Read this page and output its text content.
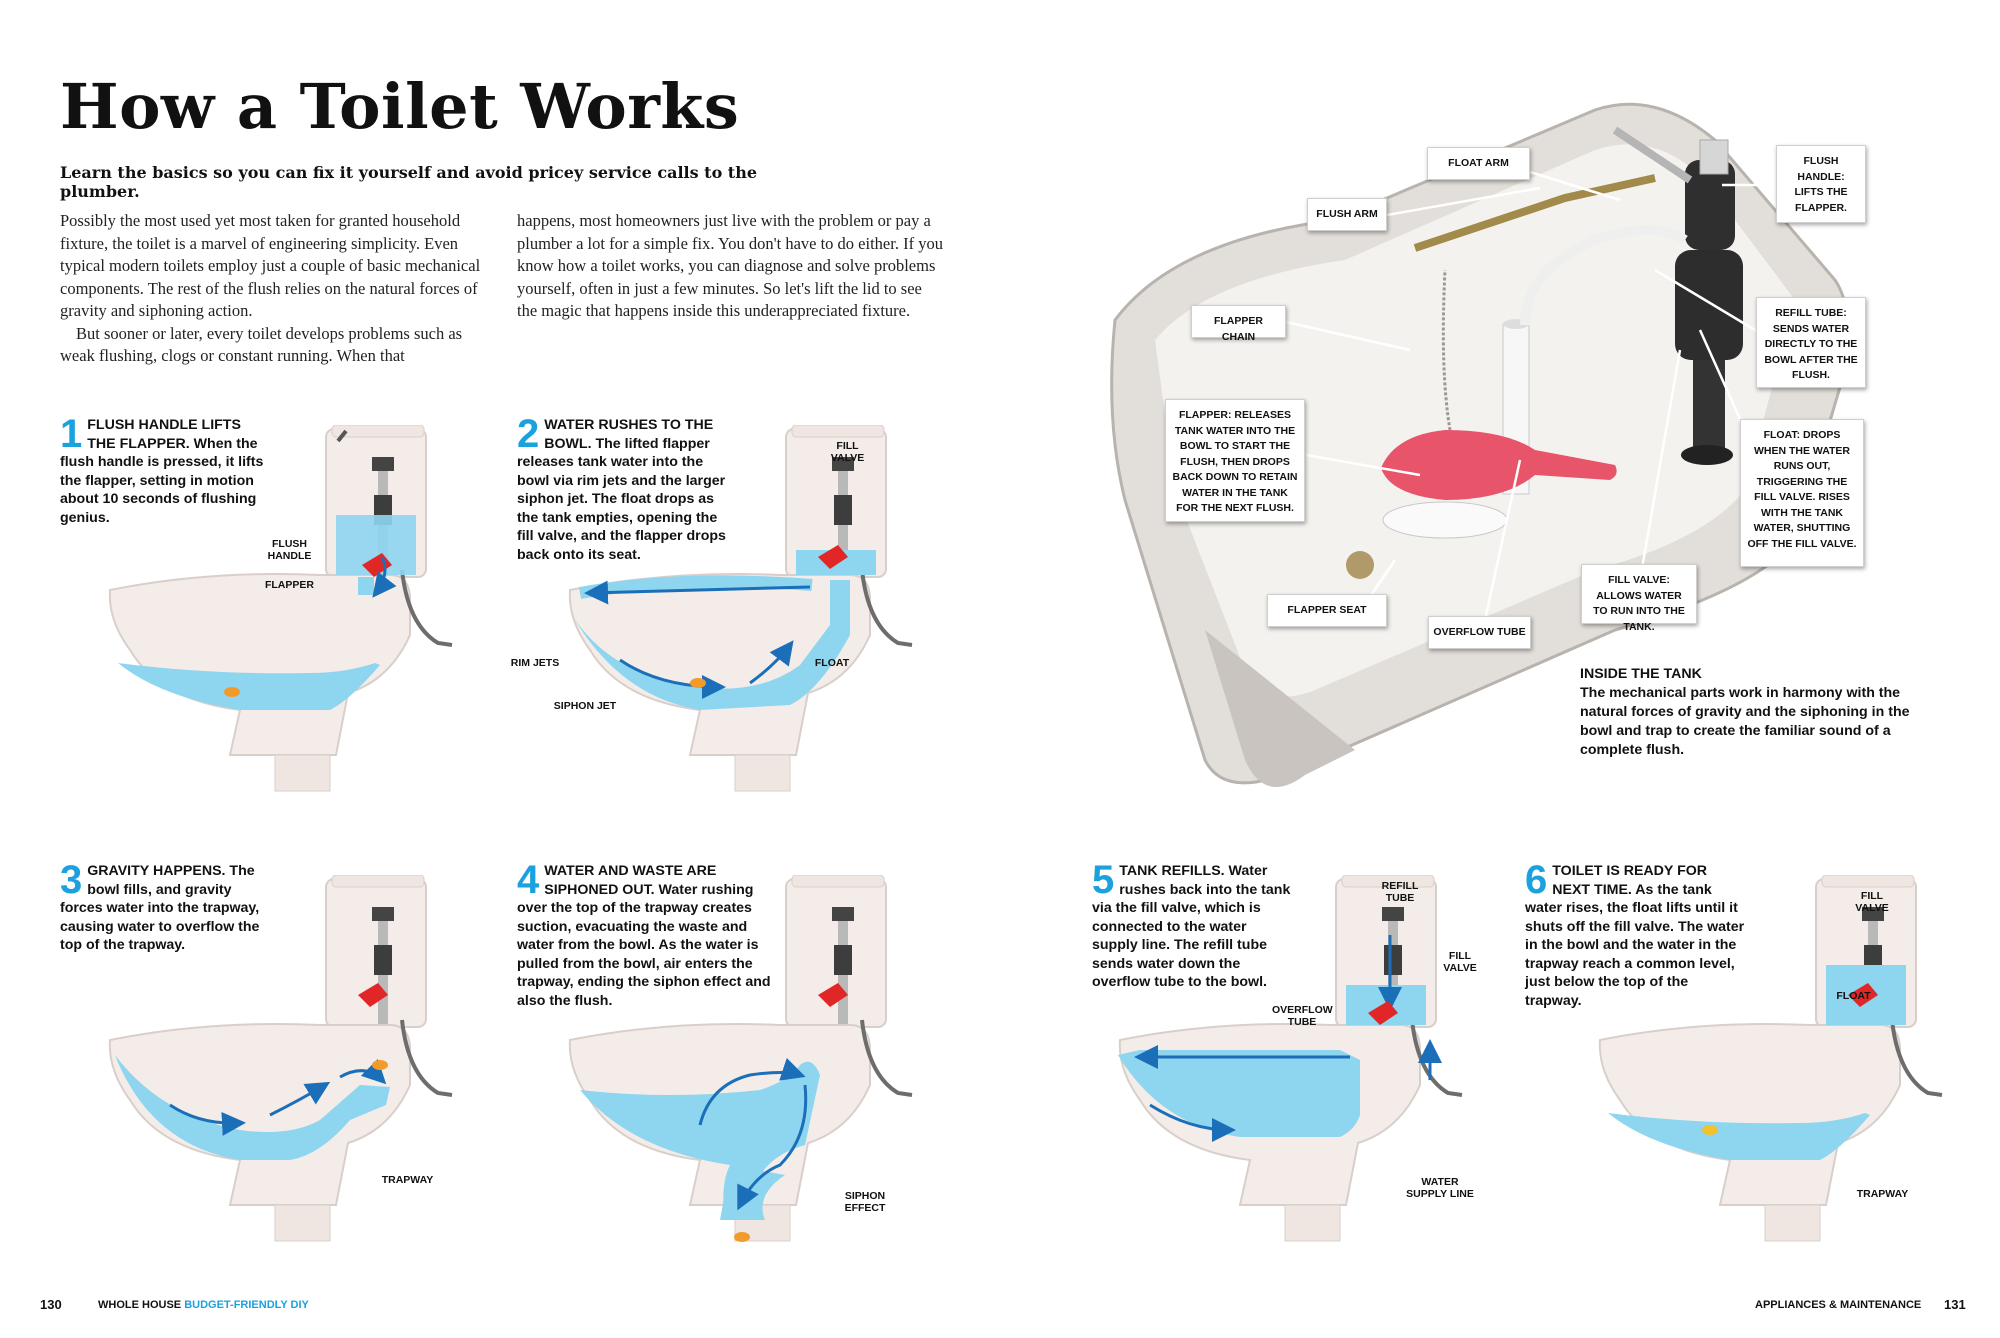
How a Toilet Works
Learn the basics so you can fix it yourself and avoid pricey service calls to the plumber.

Possibly the most used yet most taken for granted household fixture, the toilet is a marvel of engineering simplicity. Even typical modern toilets employ just a couple of basic mechanical components. The rest of the flush relies on the natural forces of gravity and siphoning action.

But sooner or later, every toilet develops problems such as weak flushing, clogs or constant running. When that

happens, most homeowners just live with the problem or pay a plumber a lot for a simple fix. You don't have to do either. If you know how a toilet works, you can diagnose and solve problems yourself, often in just a few minutes. So let's lift the lid to see the magic that happens inside this underappreciated fixture.

1 FLUSH HANDLE LIFTS THE FLAPPER. When the flush handle is pressed, it lifts the flapper, setting in motion about 10 seconds of flushing genius.
2 WATER RUSHES TO THE BOWL. The lifted flapper releases tank water into the bowl via rim jets and the larger siphon jet. The float drops as the tank empties, opening the fill valve, and the flapper drops back onto its seat.
3 GRAVITY HAPPENS. The bowl fills, and gravity forces water into the trapway, causing water to overflow the top of the trapway.
4 WATER AND WASTE ARE SIPHONED OUT. Water rushing over the top of the trapway creates suction, evacuating the waste and water from the bowl. As the water is pulled from the bowl, air enters the trapway, ending the siphon effect and also the flush.
5 TANK REFILLS. Water rushes back into the tank via the fill valve, which is connected to the water supply line. The refill tube sends water down the overflow tube to the bowl.
6 TOILET IS READY FOR NEXT TIME. As the tank water rises, the float lifts until it shuts off the fill valve. The water in the bowl and the water in the trapway reach a common level, just below the top of the trapway.
FLUSH HANDLE
FLAPPER
FILL VALVE
RIM JETS
SIPHON JET
FLOAT
TRAPWAY
SIPHON EFFECT
REFILL TUBE
FILL VALVE
OVERFLOW TUBE
WATER SUPPLY LINE
FILL VALVE
FLOAT
TRAPWAY
FLOAT ARM
FLUSH ARM
FLAPPER CHAIN
FLAPPER: RELEASES TANK WATER INTO THE BOWL TO START THE FLUSH, THEN DROPS BACK DOWN TO RETAIN WATER IN THE TANK FOR THE NEXT FLUSH.
FLAPPER SEAT
OVERFLOW TUBE
FILL VALVE: ALLOWS WATER TO RUN INTO THE TANK.
FLOAT: DROPS WHEN THE WATER RUNS OUT, TRIGGERING THE FILL VALVE. RISES WITH THE TANK WATER, SHUTTING OFF THE FILL VALVE.
REFILL TUBE: SENDS WATER DIRECTLY TO THE BOWL AFTER THE FLUSH.
FLUSH HANDLE: LIFTS THE FLAPPER.
INSIDE THE TANK
The mechanical parts work in harmony with the natural forces of gravity and the siphoning in the bowl and trap to create the familiar sound of a complete flush.
130	WHOLE HOUSE BUDGET-FRIENDLY DIY	APPLIANCES & MAINTENANCE 131
